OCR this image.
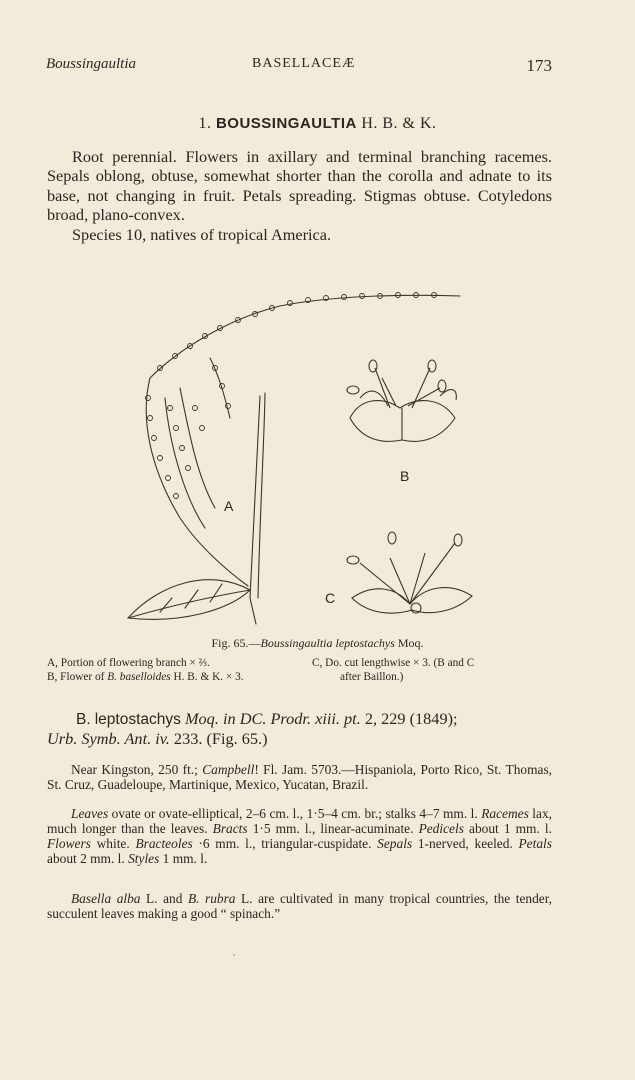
Boussingaultia	BASELLACEÆ	173
1. BOUSSINGAULTIA H. B. & K.

Root perennial. Flowers in axillary and terminal branching racemes. Sepals oblong, obtuse, somewhat shorter than the corolla and adnate to its base, not changing in fruit. Petals spreading. Stigmas obtuse. Cotyledons broad, plano-convex.

Species 10, natives of tropical America.

A
B
C
Fig. 65.—Boussingaultia leptostachys Moq.
A, Portion of flowering branch × ⅔.	C, Do. cut lengthwise × 3. (B and C
B, Flower of B. baselloides H. B. & K. × 3.	after Baillon.)
B. leptostachys Moq. in DC. Prodr. xiii. pt. 2, 229 (1849);
Urb. Symb. Ant. iv. 233. (Fig. 65.)

Near Kingston, 250 ft.; Campbell! Fl. Jam. 5703.—Hispaniola, Porto Rico, St. Thomas, St. Cruz, Guadeloupe, Martinique, Mexico, Yucatan, Brazil.

Leaves ovate or ovate-elliptical, 2–6 cm. l., 1·5–4 cm. br.; stalks 4–7 mm. l. Racemes lax, much longer than the leaves. Bracts 1·5 mm. l., linear-acuminate. Pedicels about 1 mm. l. Flowers white. Bracteoles ·6 mm. l., triangular-cuspidate. Sepals 1-nerved, keeled. Petals about 2 mm. l. Styles 1 mm. l.

Basella alba L. and B. rubra L. are cultivated in many tropical countries, the tender, succulent leaves making a good “ spinach.”
